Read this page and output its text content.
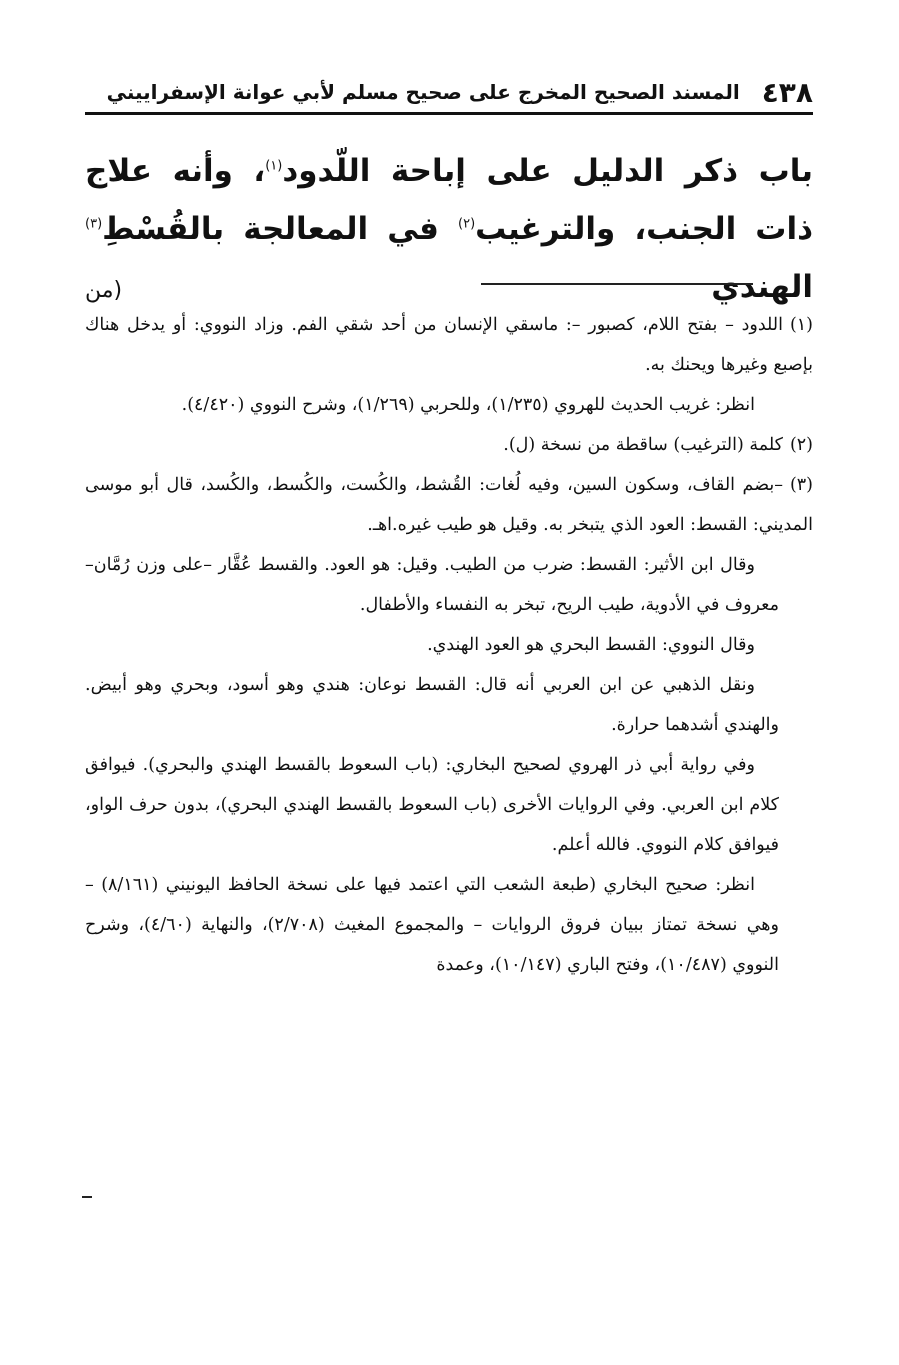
٤٣٨
المسند الصحيح المخرج على صحيح مسلم لأبي عوانة الإسفراييني
باب ذكر الدليل على إباحة اللّدود$^{(١)}$، وأنه علاج ذات الجنب، والترغيب$^{(٢)}$ في المعالجة بالقُسْطِ$^{(٣)}$ الهندي (من

(١)اللدود – بفتح اللام، كصبور –: ماسقي الإنسان من أحد شقي الفم. وزاد النووي: أو يدخل هناك بإصبع وغيرها ويحنك به.

انظر: غريب الحديث للهروي (١/٢٣٥)، وللحربي (١/٢٦٩)، وشرح النووي (٤/٤٢٠).

(٢)كلمة (الترغيب) ساقطة من نسخة (ل).

(٣)–بضم القاف، وسكون السين، وفيه لُغات: القُشط، والكُست، والكُسط، والكُسد، قال أبو موسى المديني: القسط: العود الذي يتبخر به. وقيل هو طيب غيره.اهـ.

وقال ابن الأثير: القسط: ضرب من الطيب. وقيل: هو العود. والقسط عُقَّار –على وزن رُمَّان– معروف في الأدوية، طيب الريح، تبخر به النفساء والأطفال.

وقال النووي: القسط البحري هو العود الهندي.

ونقل الذهبي عن ابن العربي أنه قال: القسط نوعان: هندي وهو أسود، وبحري وهو أبيض. والهندي أشدهما حرارة.

وفي رواية أبي ذر الهروي لصحيح البخاري: (باب السعوط بالقسط الهندي والبحري). فيوافق كلام ابن العربي. وفي الروايات الأخرى (باب السعوط بالقسط الهندي البحري)، بدون حرف الواو، فيوافق كلام النووي. فالله أعلم.

انظر: صحيح البخاري (طبعة الشعب التي اعتمد فيها على نسخة الحافظ اليونيني (٨/١٦١) – وهي نسخة تمتاز ببيان فروق الروايات – والمجموع المغيث (٢/٧٠٨)، والنهاية (٤/٦٠)، وشرح النووي (١٠/٤٨٧)، وفتح الباري (١٠/١٤٧)، وعمدة
